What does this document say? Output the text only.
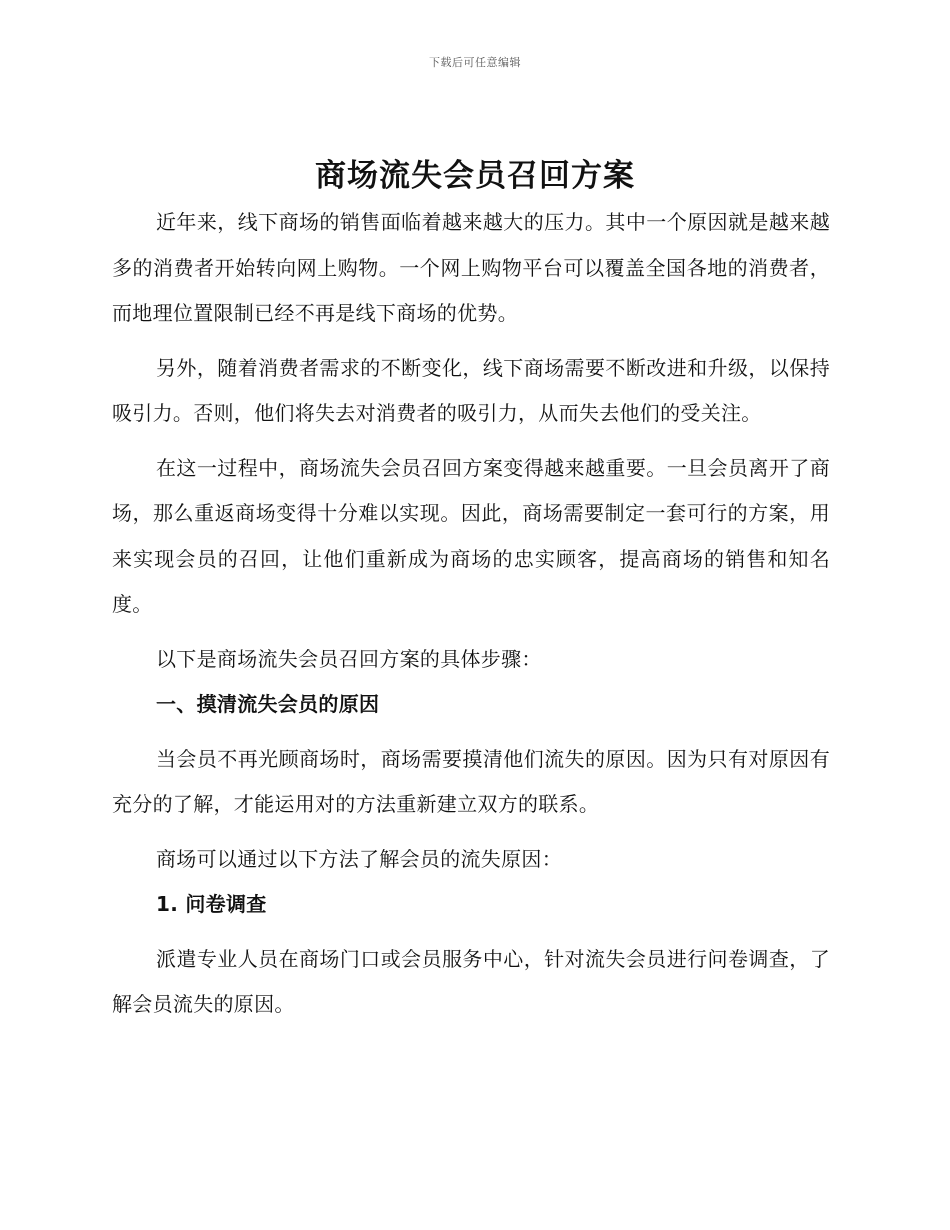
下载后可任意编辑
商场流失会员召回方案

近年来，线下商场的销售面临着越来越大的压力。其中一个原因就是越来越多的消费者开始转向网上购物。一个网上购物平台可以覆盖全国各地的消费者，而地理位置限制已经不再是线下商场的优势。

另外，随着消费者需求的不断变化，线下商场需要不断改进和升级，以保持吸引力。否则，他们将失去对消费者的吸引力，从而失去他们的受关注。

在这一过程中，商场流失会员召回方案变得越来越重要。一旦会员离开了商场，那么重返商场变得十分难以实现。因此，商场需要制定一套可行的方案，用来实现会员的召回，让他们重新成为商场的忠实顾客，提高商场的销售和知名度。

以下是商场流失会员召回方案的具体步骤：

一、摸清流失会员的原因

当会员不再光顾商场时，商场需要摸清他们流失的原因。因为只有对原因有充分的了解，才能运用对的方法重新建立双方的联系。

商场可以通过以下方法了解会员的流失原因：

1. 问卷调查

派遣专业人员在商场门口或会员服务中心，针对流失会员进行问卷调查，了解会员流失的原因。
